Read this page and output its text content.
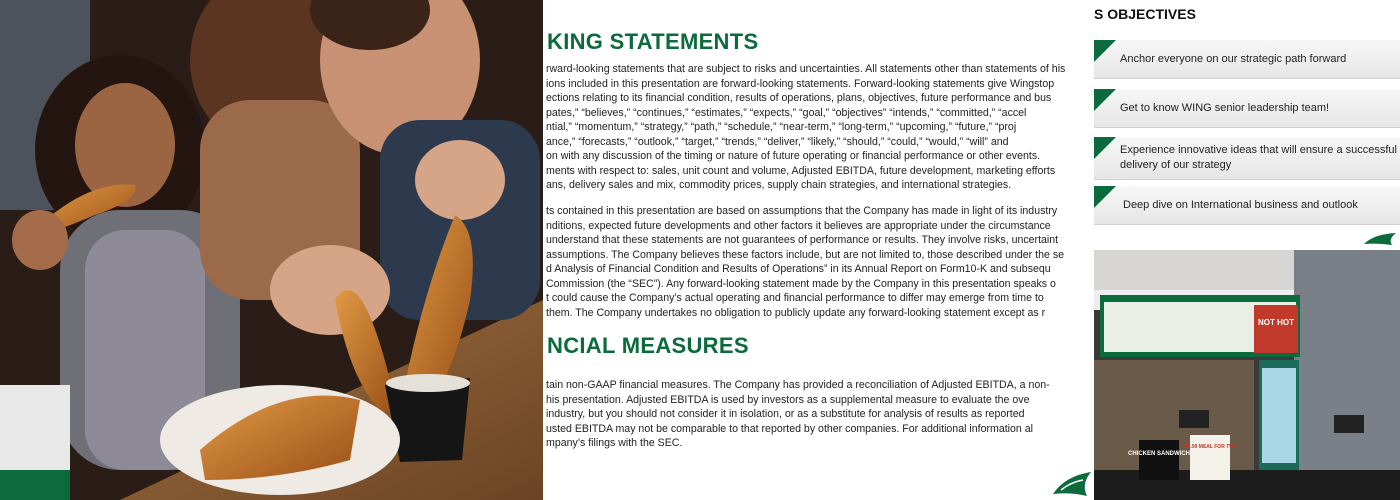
KING STATEMENTS
rward-looking statements that are subject to risks and uncertainties. All statements other than statements of his
ions included in this presentation are forward-looking statements. Forward-looking statements give Wingstop
ections relating to its financial condition, results of operations, plans, objectives, future performance and bus
pates,” “believes,” “continues,” “estimates,” “expects,” “goal,” “objectives” “intends,” “committed,” “accel
ntial,” “momentum,” “strategy,” “path,” “schedule,” “near-term,” “long-term,” “upcoming,” “future,” “proj
ance,” “forecasts,” “outlook,” “target,” “trends,” “deliver,” “likely,” “should,” “could,” “would,” “will” and
on with any discussion of the timing or nature of future operating or financial performance or other events.
ments with respect to: sales, unit count and volume, Adjusted EBITDA, future development, marketing efforts
ans, delivery sales and mix, commodity prices, supply chain strategies, and international strategies.
ts contained in this presentation are based on assumptions that the Company has made in light of its industry
nditions, expected future developments and other factors it believes are appropriate under the circumstance
understand that these statements are not guarantees of performance or results. They involve risks, uncertaint
assumptions. The Company believes these factors include, but are not limited to, those described under the se
d Analysis of Financial Condition and Results of Operations” in its Annual Report on Form10-K and subsequ
Commission (the “SEC”). Any forward-looking statement made by the Company in this presentation speaks o
t could cause the Company’s actual operating and financial performance to differ may emerge from time to
them. The Company undertakes no obligation to publicly update any forward-looking statement except as r
NCIAL MEASURES
tain non-GAAP financial measures. The Company has provided a reconciliation of Adjusted EBITDA, a non-
his presentation. Adjusted EBITDA is used by investors as a supplemental measure to evaluate the ove
industry, but you should not consider it in isolation, or as a substitute for analysis of results as reported
usted EBITDA may not be comparable to that reported by other companies. For additional information al
mpany’s filings with the SEC.
S OBJECTIVES
Anchor everyone on our strategic path forward
Get to know WING senior leadership team!
Experience innovative ideas that will ensure a successful
delivery of our strategy
Deep dive on International business and outlook
NOT HOT
CHICKEN SANDWICH
$15.99 MEAL FOR TWO
